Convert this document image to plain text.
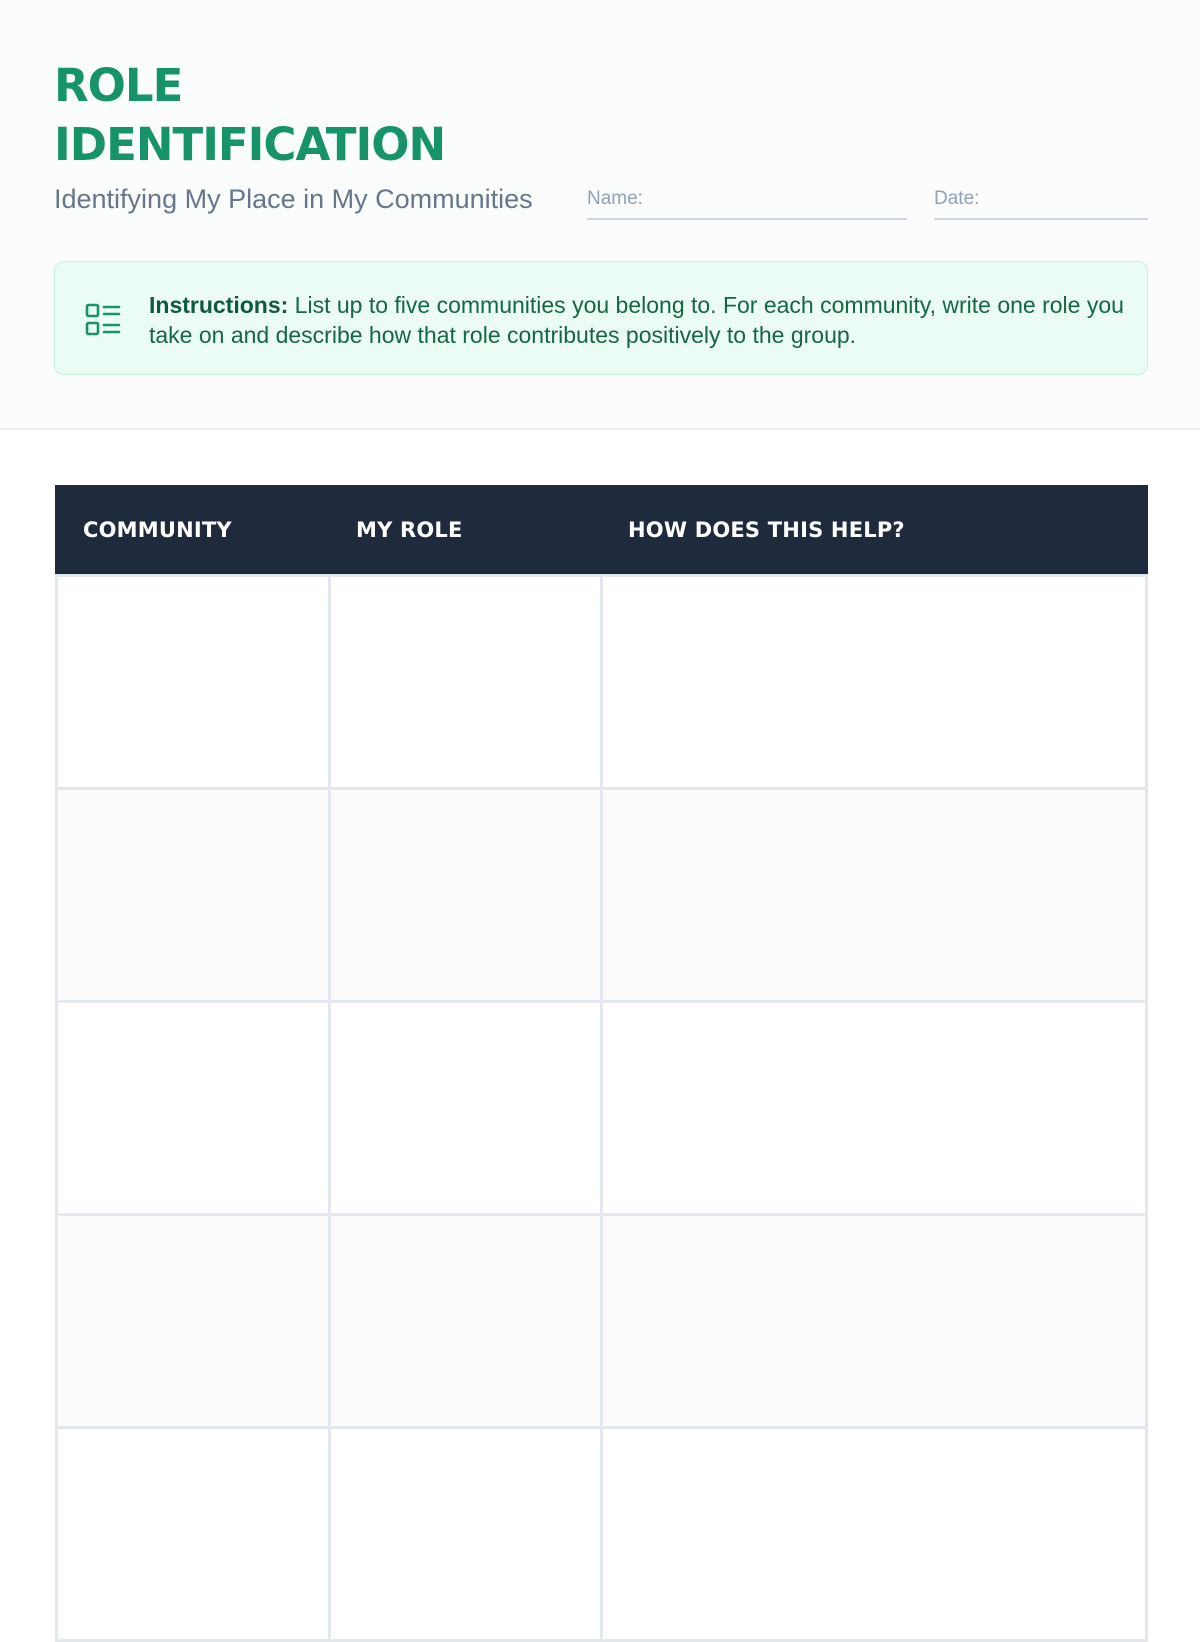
ROLE IDENTIFICATION
Identifying My Place in My Communities	Name:	Date:
Instructions: List up to five communities you belong to. For each community, write one role you take on and describe how that role contributes positively to the group.
COMMUNITY	MY ROLE	HOW DOES THIS HELP?
